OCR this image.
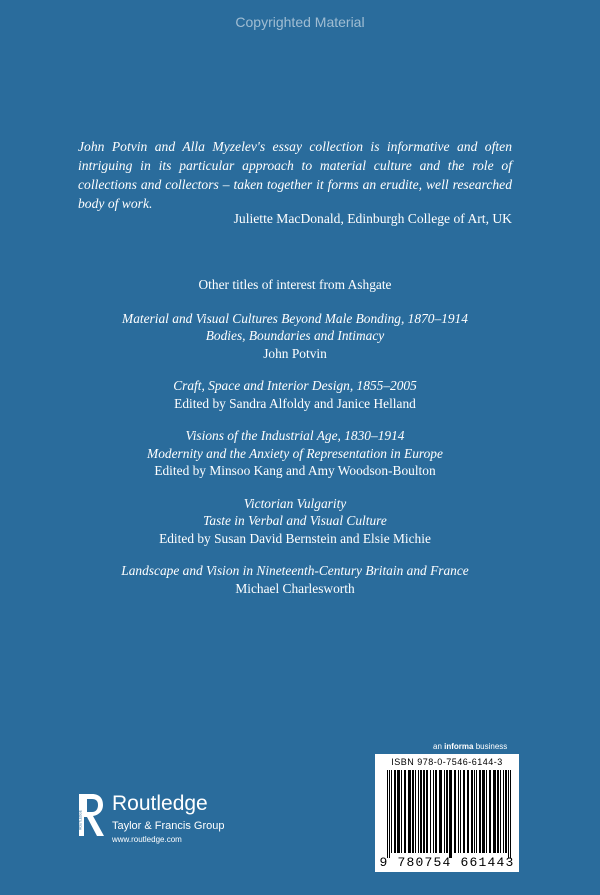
Copyrighted Material

John Potvin and Alla Myzelev's essay collection is informative and often intriguing in its particular approach to material culture and the role of collections and collectors – taken together it forms an erudite, well researched body of work.

Juliette MacDonald, Edinburgh College of Art, UK
Other titles of interest from Ashgate
Material and Visual Cultures Beyond Male Bonding, 1870–1914
Bodies, Boundaries and Intimacy
John Potvin
Craft, Space and Interior Design, 1855–2005
Edited by Sandra Alfoldy and Janice Helland
Visions of the Industrial Age, 1830–1914
Modernity and the Anxiety of Representation in Europe
Edited by Minsoo Kang and Amy Woodson-Boulton
Victorian Vulgarity
Taste in Verbal and Visual Culture
Edited by Susan David Bernstein and Elsie Michie
Landscape and Vision in Nineteenth-Century Britain and France
Michael Charlesworth
an informa business
ISBN 978-0-7546-6144-3
9 780754 661443
ROUTLEDGE
Routledge
Taylor & Francis Group
www.routledge.com
